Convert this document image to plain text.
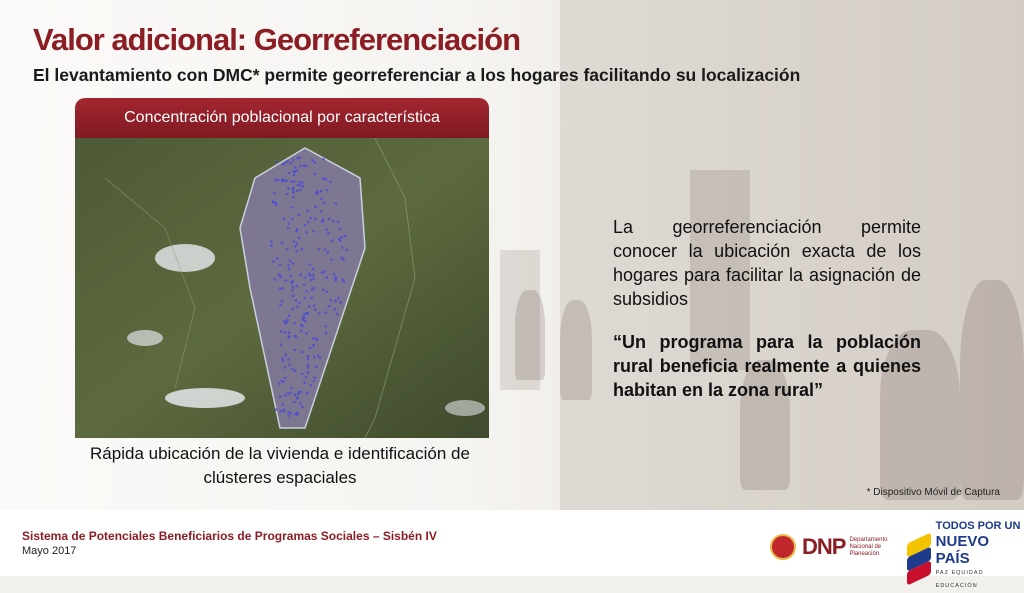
Valor adicional: Georreferenciación

El levantamiento con DMC* permite georreferenciar a los hogares facilitando su localización

Concentración poblacional por característica
Rápida ubicación de la vivienda e identificación de clústeres espaciales

La georreferenciación permite conocer la ubicación exacta de los hogares para facilitar la asignación de subsidios

“Un programa para la población rural beneficia realmente a quienes habitan en la zona rural”

* Dispositivo Móvil de Captura
Sistema de Potenciales Beneficiarios de Programas Sociales – Sisbén IV
Mayo 2017	DNP Departamento Nacional de Planeación
TODOS POR UN
NUEVO PAÍS
PAZ EQUIDAD EDUCACIÓN
